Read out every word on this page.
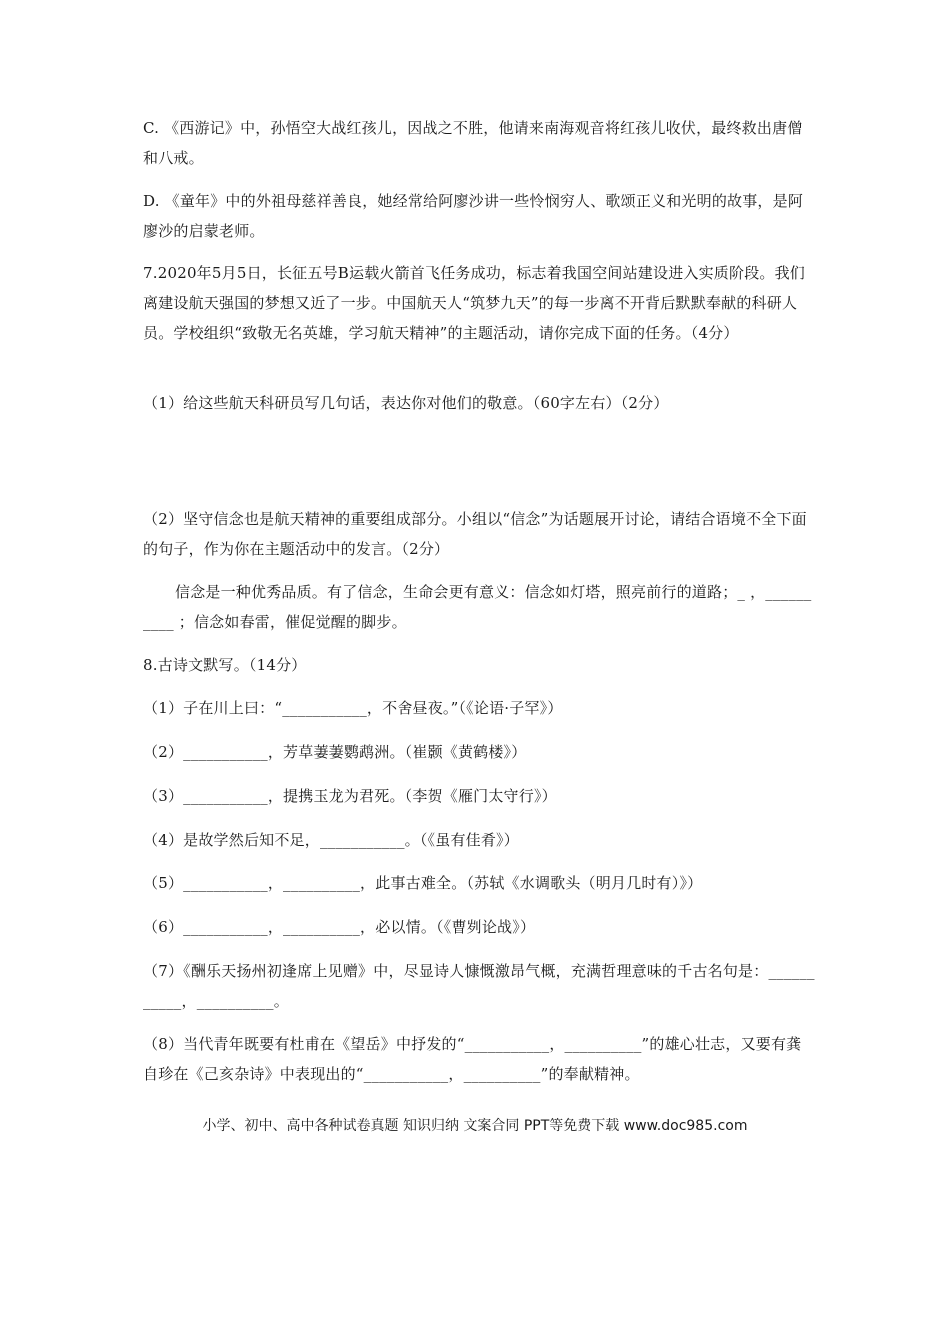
C. 《西游记》中，孙悟空大战红孩儿，因战之不胜，他请来南海观音将红孩儿收伏，最终救出唐僧和八戒。

D. 《童年》中的外祖母慈祥善良，她经常给阿廖沙讲一些怜悯穷人、歌颂正义和光明的故事，是阿廖沙的启蒙老师。

7.2020年5月5日，长征五号B运载火箭首飞任务成功，标志着我国空间站建设进入实质阶段。我们离建设航天强国的梦想又近了一步。中国航天人“筑梦九天”的每一步离不开背后默默奉献的科研人员。学校组织“致敬无名英雄，学习航天精神”的主题活动，请你完成下面的任务。（4分）

（1）给这些航天科研员写几句话，表达你对他们的敬意。（60字左右）（2分）

（2）坚守信念也是航天精神的重要组成部分。小组以“信念”为话题展开讨论，请结合语境不全下面的句子，作为你在主题活动中的发言。（2分）

信念是一种优秀品质。有了信念，生命会更有意义：信念如灯塔，照亮前行的道路；_ ，__________ ；信念如春雷，催促觉醒的脚步。

8.古诗文默写。（14分）

（1）子在川上曰：“___________，不舍昼夜。”（《论语·子罕》）

（2）___________，芳草萋萋鹦鹉洲。（崔颢《黄鹤楼》）

（3）___________，提携玉龙为君死。（李贺《雁门太守行》）

（4）是故学然后知不足，___________。（《虽有佳肴》）

（5）___________，__________，此事古难全。（苏轼《水调歌头（明月几时有）》）

（6）___________，__________，必以情。（《曹刿论战》）

（7）《酬乐天扬州初逢席上见赠》中，尽显诗人慷慨激昂气概，充满哲理意味的千古名句是：___________，__________。

（8）当代青年既要有杜甫在《望岳》中抒发的“___________，__________”的雄心壮志，又要有龚自珍在《己亥杂诗》中表现出的“___________，__________”的奉献精神。

小学、初中、高中各种试卷真题 知识归纳 文案合同 PPT等免费下载 www.doc985.com
